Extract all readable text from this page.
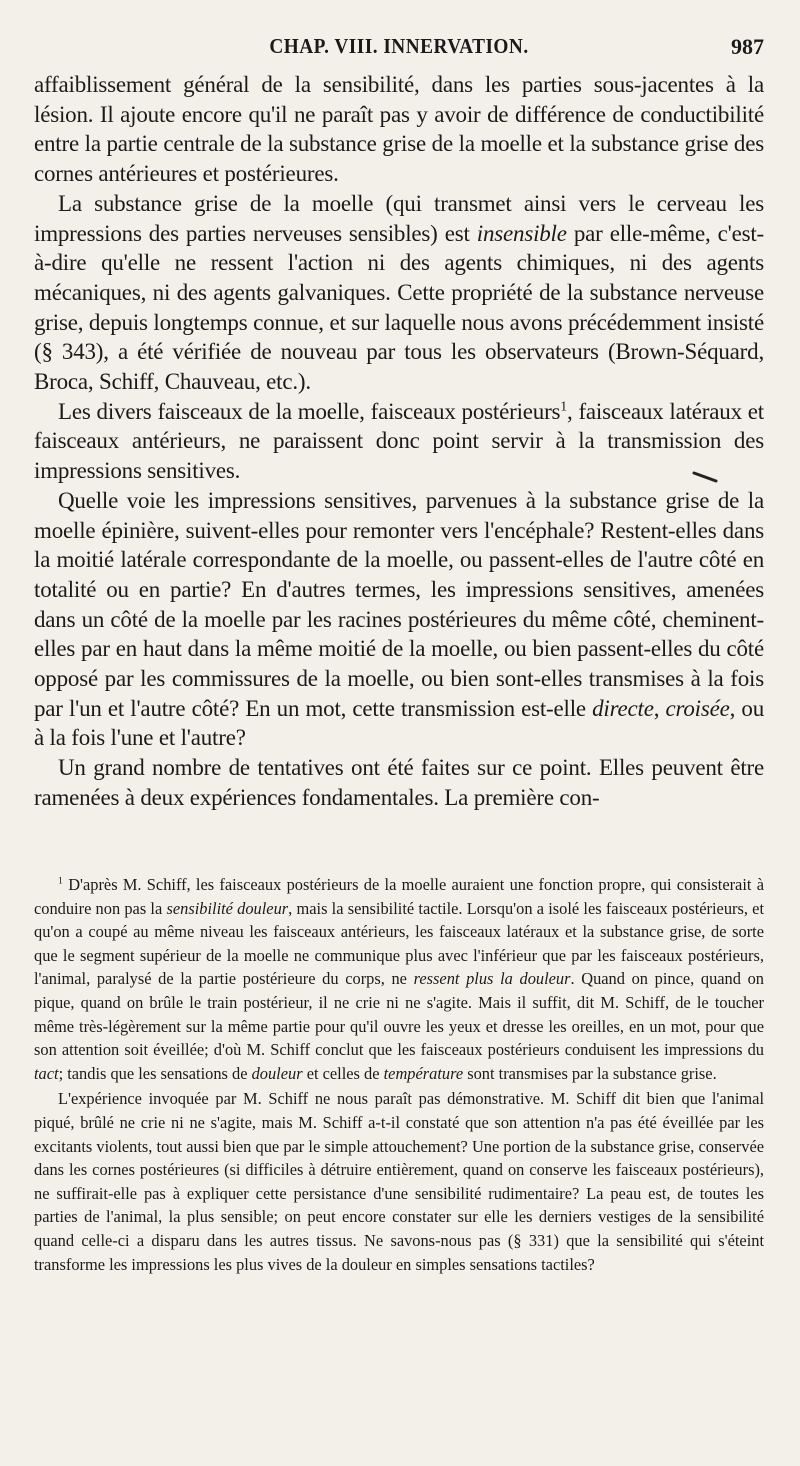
CHAP. VIII. INNERVATION.	987

affaiblissement général de la sensibilité, dans les parties sous-jacentes à la lésion. Il ajoute encore qu'il ne paraît pas y avoir de différence de conductibilité entre la partie centrale de la substance grise de la moelle et la substance grise des cornes antérieures et postérieures.

La substance grise de la moelle (qui transmet ainsi vers le cerveau les impressions des parties nerveuses sensibles) est insensible par elle-même, c'est-à-dire qu'elle ne ressent l'action ni des agents chimiques, ni des agents mécaniques, ni des agents galvaniques. Cette propriété de la substance nerveuse grise, depuis longtemps connue, et sur laquelle nous avons précédemment insisté (§ 343), a été vérifiée de nouveau par tous les observateurs (Brown-Séquard, Broca, Schiff, Chauveau, etc.).

Les divers faisceaux de la moelle, faisceaux postérieurs$^1$, faisceaux latéraux et faisceaux antérieurs, ne paraissent donc point servir à la transmission des impressions sensitives.

Quelle voie les impressions sensitives, parvenues à la substance grise de la moelle épinière, suivent-elles pour remonter vers l'encéphale? Restent-elles dans la moitié latérale correspondante de la moelle, ou passent-elles de l'autre côté en totalité ou en partie? En d'autres termes, les impressions sensitives, amenées dans un côté de la moelle par les racines postérieures du même côté, cheminent-elles par en haut dans la même moitié de la moelle, ou bien passent-elles du côté opposé par les commissures de la moelle, ou bien sont-elles transmises à la fois par l'un et l'autre côté? En un mot, cette transmission est-elle directe, croisée, ou à la fois l'une et l'autre?

Un grand nombre de tentatives ont été faites sur ce point. Elles peuvent être ramenées à deux expériences fondamentales. La première con-

$^1$ D'après M. Schiff, les faisceaux postérieurs de la moelle auraient une fonction propre, qui consisterait à conduire non pas la sensibilité douleur, mais la sensibilité tactile. Lorsqu'on a isolé les faisceaux postérieurs, et qu'on a coupé au même niveau les faisceaux antérieurs, les faisceaux latéraux et la substance grise, de sorte que le segment supérieur de la moelle ne communique plus avec l'inférieur que par les faisceaux postérieurs, l'animal, paralysé de la partie postérieure du corps, ne ressent plus la douleur. Quand on pince, quand on pique, quand on brûle le train postérieur, il ne crie ni ne s'agite. Mais il suffit, dit M. Schiff, de le toucher même très-légèrement sur la même partie pour qu'il ouvre les yeux et dresse les oreilles, en un mot, pour que son attention soit éveillée; d'où M. Schiff conclut que les faisceaux postérieurs conduisent les impressions du tact; tandis que les sensations de douleur et celles de température sont transmises par la substance grise.

L'expérience invoquée par M. Schiff ne nous paraît pas démonstrative. M. Schiff dit bien que l'animal piqué, brûlé ne crie ni ne s'agite, mais M. Schiff a-t-il constaté que son attention n'a pas été éveillée par les excitants violents, tout aussi bien que par le simple attouchement? Une portion de la substance grise, conservée dans les cornes postérieures (si difficiles à détruire entièrement, quand on conserve les faisceaux postérieurs), ne suffirait-elle pas à expliquer cette persistance d'une sensibilité rudimentaire? La peau est, de toutes les parties de l'animal, la plus sensible; on peut encore constater sur elle les derniers vestiges de la sensibilité quand celle-ci a disparu dans les autres tissus. Ne savons-nous pas (§ 331) que la sensibilité qui s'éteint transforme les impressions les plus vives de la douleur en simples sensations tactiles?
